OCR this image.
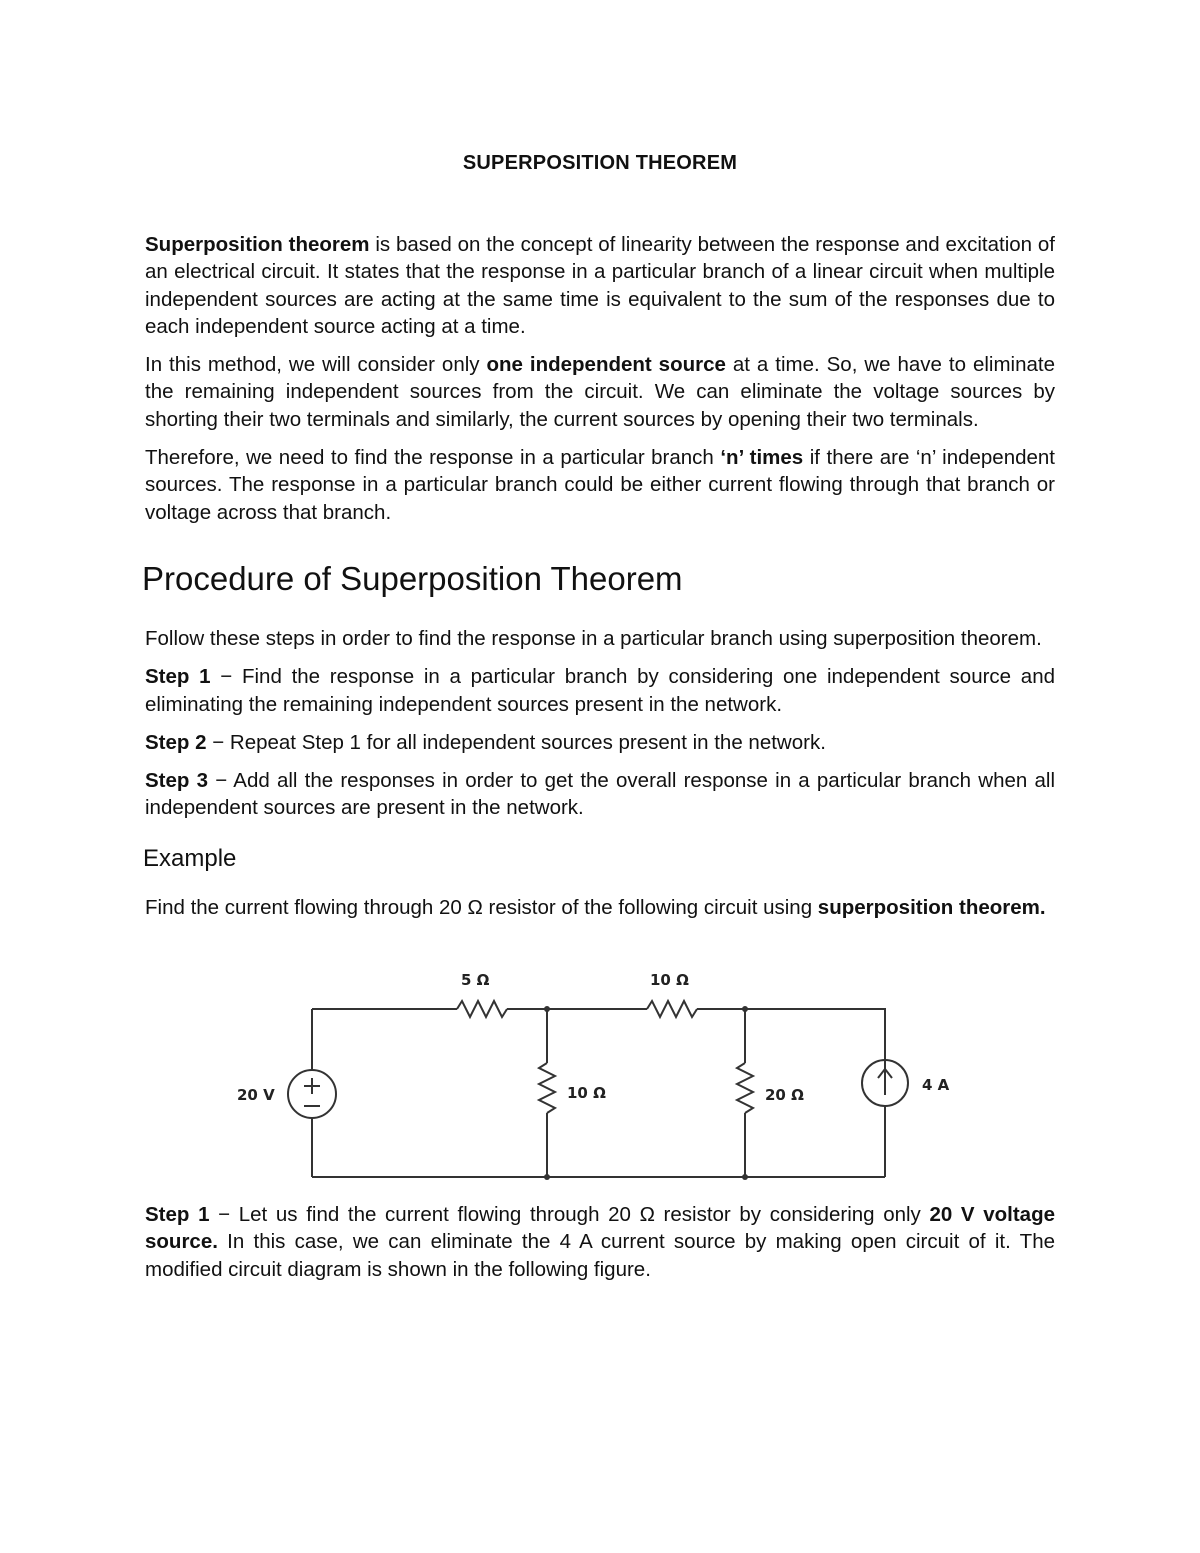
SUPERPOSITION THEOREM

Superposition theorem is based on the concept of linearity between the response and excitation of an electrical circuit. It states that the response in a particular branch of a linear circuit when multiple independent sources are acting at the same time is equivalent to the sum of the responses due to each independent source acting at a time.

In this method, we will consider only one independent source at a time. So, we have to eliminate the remaining independent sources from the circuit. We can eliminate the voltage sources by shorting their two terminals and similarly, the current sources by opening their two terminals.

Therefore, we need to find the response in a particular branch ‘n’ times if there are ‘n’ independent sources. The response in a particular branch could be either current flowing through that branch or voltage across that branch.

Procedure of Superposition Theorem

Follow these steps in order to find the response in a particular branch using superposition theorem.

Step 1 − Find the response in a particular branch by considering one independent source and eliminating the remaining independent sources present in the network.

Step 2 − Repeat Step 1 for all independent sources present in the network.

Step 3 − Add all the responses in order to get the overall response in a particular branch when all independent sources are present in the network.

Example

Find the current flowing through 20 Ω resistor of the following circuit using superposition theorem.

5 Ω	10 Ω
10 Ω	20 Ω
20 V
4 A

Step 1 − Let us find the current flowing through 20 Ω resistor by considering only 20 V voltage source. In this case, we can eliminate the 4 A current source by making open circuit of it. The modified circuit diagram is shown in the following figure.
